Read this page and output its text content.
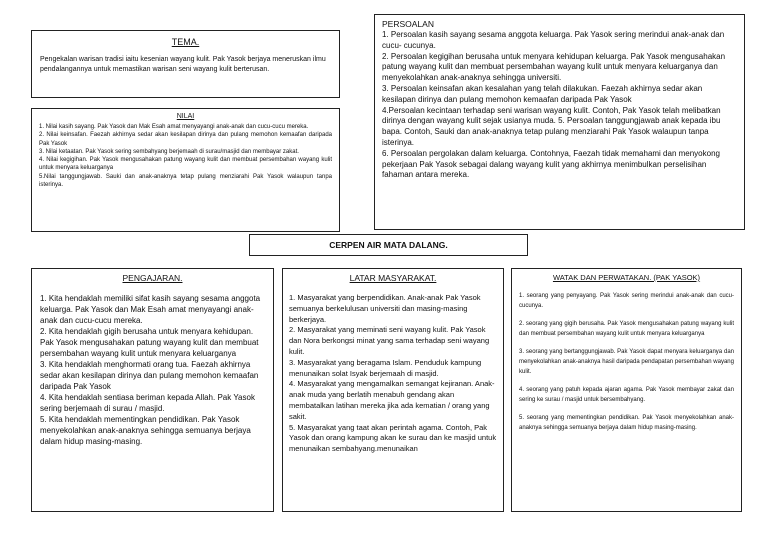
TEMA.

Pengekalan warisan tradisi iaitu kesenian wayang kulit. Pak Yasok berjaya meneruskan ilmu pendalangannya untuk memastikan warisan seni wayang kulit berterusan.

NILAI
1. Nilai kasih sayang. Pak Yasok dan Mak Esah amat menyayangi anak-anak dan cucu-cucu mereka.
2. Nilai keinsafan. Faezah akhirnya sedar akan kesilapan dirinya dan pulang memohon kemaafan daripada Pak Yasok
3. Nilai ketaatan. Pak Yasok sering sembahyang berjemaah di surau/masjid dan membayar zakat.
4. Nilai kegigihan. Pak Yasok mengusahakan patung wayang kulit dan membuat persembahan wayang kulit untuk menyara keluarganya
5.Nilai tanggungjawab. Sauki dan anak-anaknya tetap pulang menziarahi Pak Yasok walaupun tanpa isterinya.
PERSOALAN
1. Persoalan kasih sayang sesama anggota keluarga. Pak Yasok sering merindui anak-anak dan cucu- cucunya.
2. Persoalan kegigihan berusaha untuk menyara kehidupan keluarga. Pak Yasok mengusahakan patung wayang kulit dan membuat persembahan wayang kulit untuk menyara keluarganya dan menyekolahkan anak-anaknya sehingga universiti.
3. Persoalan keinsafan akan kesalahan yang telah dilakukan. Faezah akhirnya sedar akan kesilapan dirinya dan pulang memohon kemaafan daripada Pak Yasok
4.Persoalan kecintaan terhadap seni warisan wayang kulit. Contoh, Pak Yasok telah melibatkan dirinya dengan wayang kulit sejak usianya muda. 5. Persoalan tanggungjawab anak kepada ibu bapa. Contoh, Sauki dan anak-anaknya tetap pulang menziarahi Pak Yasok walaupun tanpa isterinya.
6. Persoalan pergolakan dalam keluarga. Contohnya, Faezah tidak memahami dan menyokong pekerjaan Pak Yasok sebagai dalang wayang kulit yang akhirnya menimbulkan perselisihan fahaman antara mereka.
CERPEN AIR MATA DALANG.
PENGAJARAN.
1. Kita hendaklah memiliki sifat kasih sayang sesama anggota keluarga. Pak Yasok dan Mak Esah amat menyayangi anak-anak dan cucu-cucu mereka.
2. Kita hendaklah gigih berusaha untuk menyara kehidupan. Pak Yasok mengusahakan patung wayang kulit dan membuat persembahan wayang kulit untuk menyara keluarganya
3. Kita hendaklah menghormati orang tua. Faezah akhirnya sedar akan kesilapan dirinya dan pulang memohon kemaafan daripada Pak Yasok
4. Kita hendaklah sentiasa beriman kepada Allah. Pak Yasok sering berjemaah di surau / masjid.
5. Kita hendaklah mementingkan pendidikan. Pak Yasok menyekolahkan anak-anaknya sehingga semuanya berjaya dalam hidup masing-masing.
LATAR MASYARAKAT.
1. Masyarakat yang berpendidikan. Anak-anak Pak Yasok semuanya berkelulusan universiti dan masing-masing berkerjaya.
2. Masyarakat yang meminati seni wayang kulit. Pak Yasok dan Nora berkongsi minat yang sama terhadap seni wayang kulit.
3. Masyarakat yang beragama Islam. Penduduk kampung menunaikan solat Isyak berjemaah di masjid.
4. Masyarakat yang mengamalkan semangat kejiranan. Anak-anak muda yang berlatih menabuh gendang akan membatalkan latihan mereka jika ada kematian / orang yang sakit.
5. Masyarakat yang taat akan perintah agama. Contoh, Pak Yasok dan orang kampung akan ke surau dan ke masjid untuk menunaikan sembahyang.menunaikan
WATAK DAN PERWATAKAN. (PAK YASOK)
1. seorang yang penyayang. Pak Yasok sering merindui anak-anak dan cucu-cucunya.
2. seorang yang gigih berusaha. Pak Yasok mengusahakan patung wayang kulit dan membuat persembahan wayang kulit untuk menyara keluarganya
3. seorang yang bertanggungjawab. Pak Yasok dapat menyara keluarganya dan menyekolahkan anak-anaknya hasil daripada pendapatan persembahan wayang kulit.
4. seorang yang patuh kepada ajaran agama. Pak Yasok membayar zakat dan sering ke surau / masjid untuk bersembahyang.
5. seorang yang mementingkan pendidikan. Pak Yasok menyekolahkan anak-anaknya sehingga semuanya berjaya dalam hidup masing-masing.
